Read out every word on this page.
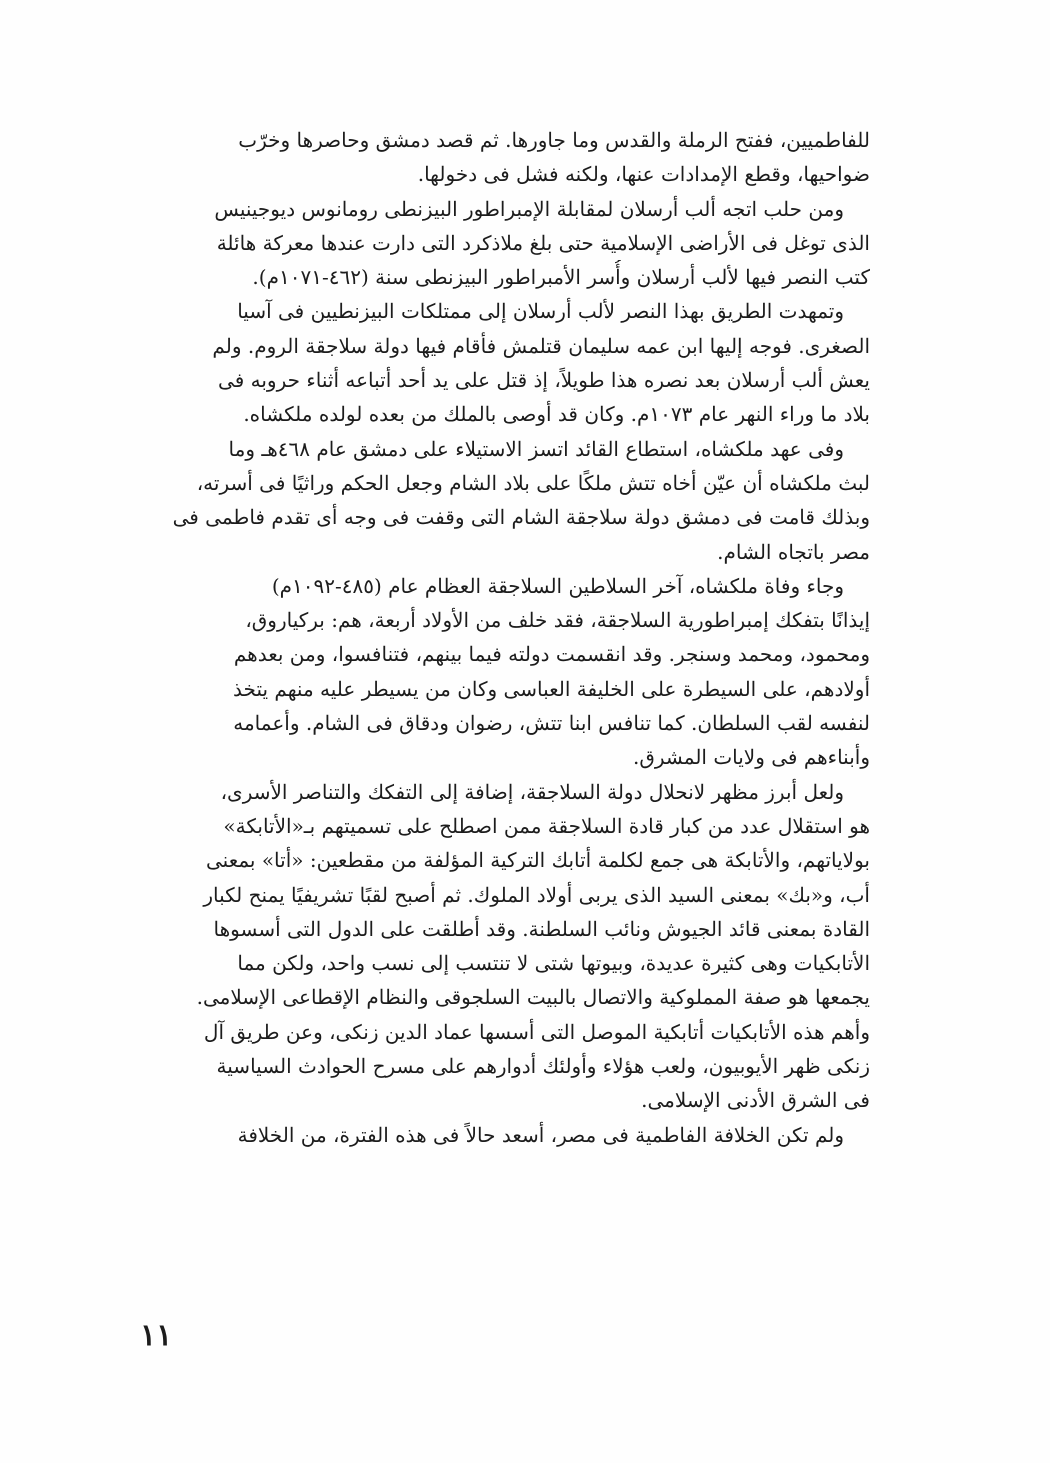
للفاطميين، ففتح الرملة والقدس وما جاورها. ثم قصد دمشق وحاصرها وخرّب
ضواحيها، وقطع الإمدادات عنها، ولكنه فشل فى دخولها.
ومن حلب اتجه ألب أرسلان لمقابلة الإمبراطور البيزنطى رومانوس ديوجينيس
الذى توغل فى الأراضى الإسلامية حتى بلغ ملاذكرد التى دارت عندها معركة هائلة
كتب النصر فيها لألب أرسلان وأُسر الأمبراطور البيزنطى سنة (٤٦٢-١٠٧١م).
وتمهدت الطريق بهذا النصر لألب أرسلان إلى ممتلكات البيزنطيين فى آسيا
الصغرى. فوجه إليها ابن عمه سليمان قتلمش فأقام فيها دولة سلاجقة الروم. ولم
يعش ألب أرسلان بعد نصره هذا طويلاً، إذ قتل على يد أحد أتباعه أثناء حروبه فى
بلاد ما وراء النهر عام ١٠٧٣م. وكان قد أوصى بالملك من بعده لولده ملكشاه.
وفى عهد ملكشاه، استطاع القائد اتسز الاستيلاء على دمشق عام ٤٦٨هـ وما
لبث ملكشاه أن عيّن أخاه تتش ملكًا على بلاد الشام وجعل الحكم وراثيًا فى أسرته،
وبذلك قامت فى دمشق دولة سلاجقة الشام التى وقفت فى وجه أى تقدم فاطمى فى
مصر باتجاه الشام.
وجاء وفاة ملكشاه، آخر السلاطين السلاجقة العظام عام (٤٨٥-١٠٩٢م)
إيذانًا بتفكك إمبراطورية السلاجقة، فقد خلف من الأولاد أربعة، هم: بركياروق،
ومحمود، ومحمد وسنجر. وقد انقسمت دولته فيما بينهم، فتنافسوا، ومن بعدهم
أولادهم، على السيطرة على الخليفة العباسى وكان من يسيطر عليه منهم يتخذ
لنفسه لقب السلطان. كما تنافس ابنا تتش، رضوان ودقاق فى الشام. وأعمامه
وأبناءهم فى ولايات المشرق.
ولعل أبرز مظهر لانحلال دولة السلاجقة، إضافة إلى التفكك والتناصر الأسرى،
هو استقلال عدد من كبار قادة السلاجقة ممن اصطلح على تسميتهم بـ«الأتابكة»
بولاياتهم، والأتابكة هى جمع لكلمة أتابك التركية المؤلفة من مقطعين: «أتا» بمعنى
أب، و«بك» بمعنى السيد الذى يربى أولاد الملوك. ثم أصبح لقبًا تشريفيًا يمنح لكبار
القادة بمعنى قائد الجيوش ونائب السلطنة. وقد أطلقت على الدول التى أسسوها
الأتابكيات وهى كثيرة عديدة، وبيوتها شتى لا تنتسب إلى نسب واحد، ولكن مما
يجمعها هو صفة المملوكية والاتصال بالبيت السلجوقى والنظام الإقطاعى الإسلامى.
وأهم هذه الأتابكيات أتابكية الموصل التى أسسها عماد الدين زنكى، وعن طريق آل
زنكى ظهر الأيوبيون، ولعب هؤلاء وأولئك أدوارهم على مسرح الحوادث السياسية
فى الشرق الأدنى الإسلامى.
ولم تكن الخلافة الفاطمية فى مصر، أسعد حالاً فى هذه الفترة، من الخلافة
١١
